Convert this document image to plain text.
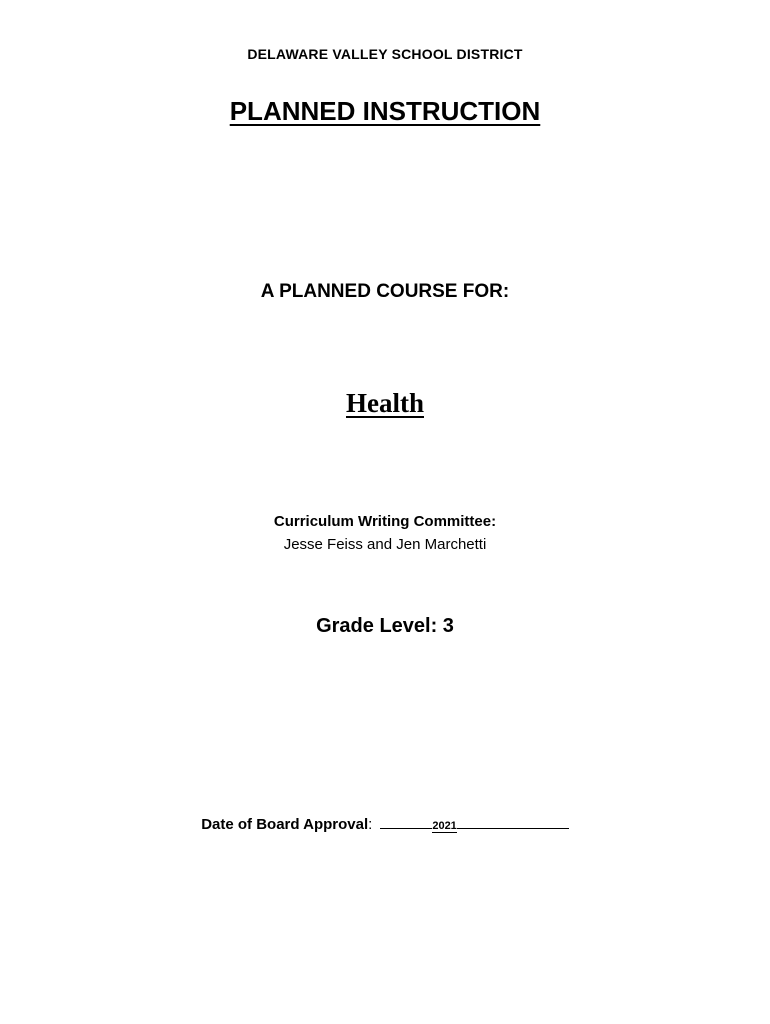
DELAWARE VALLEY SCHOOL DISTRICT
PLANNED INSTRUCTION
A PLANNED COURSE FOR:
Health
Curriculum Writing Committee:
Jesse Feiss and Jen Marchetti
Grade Level: 3
Date of Board Approval:	2021
